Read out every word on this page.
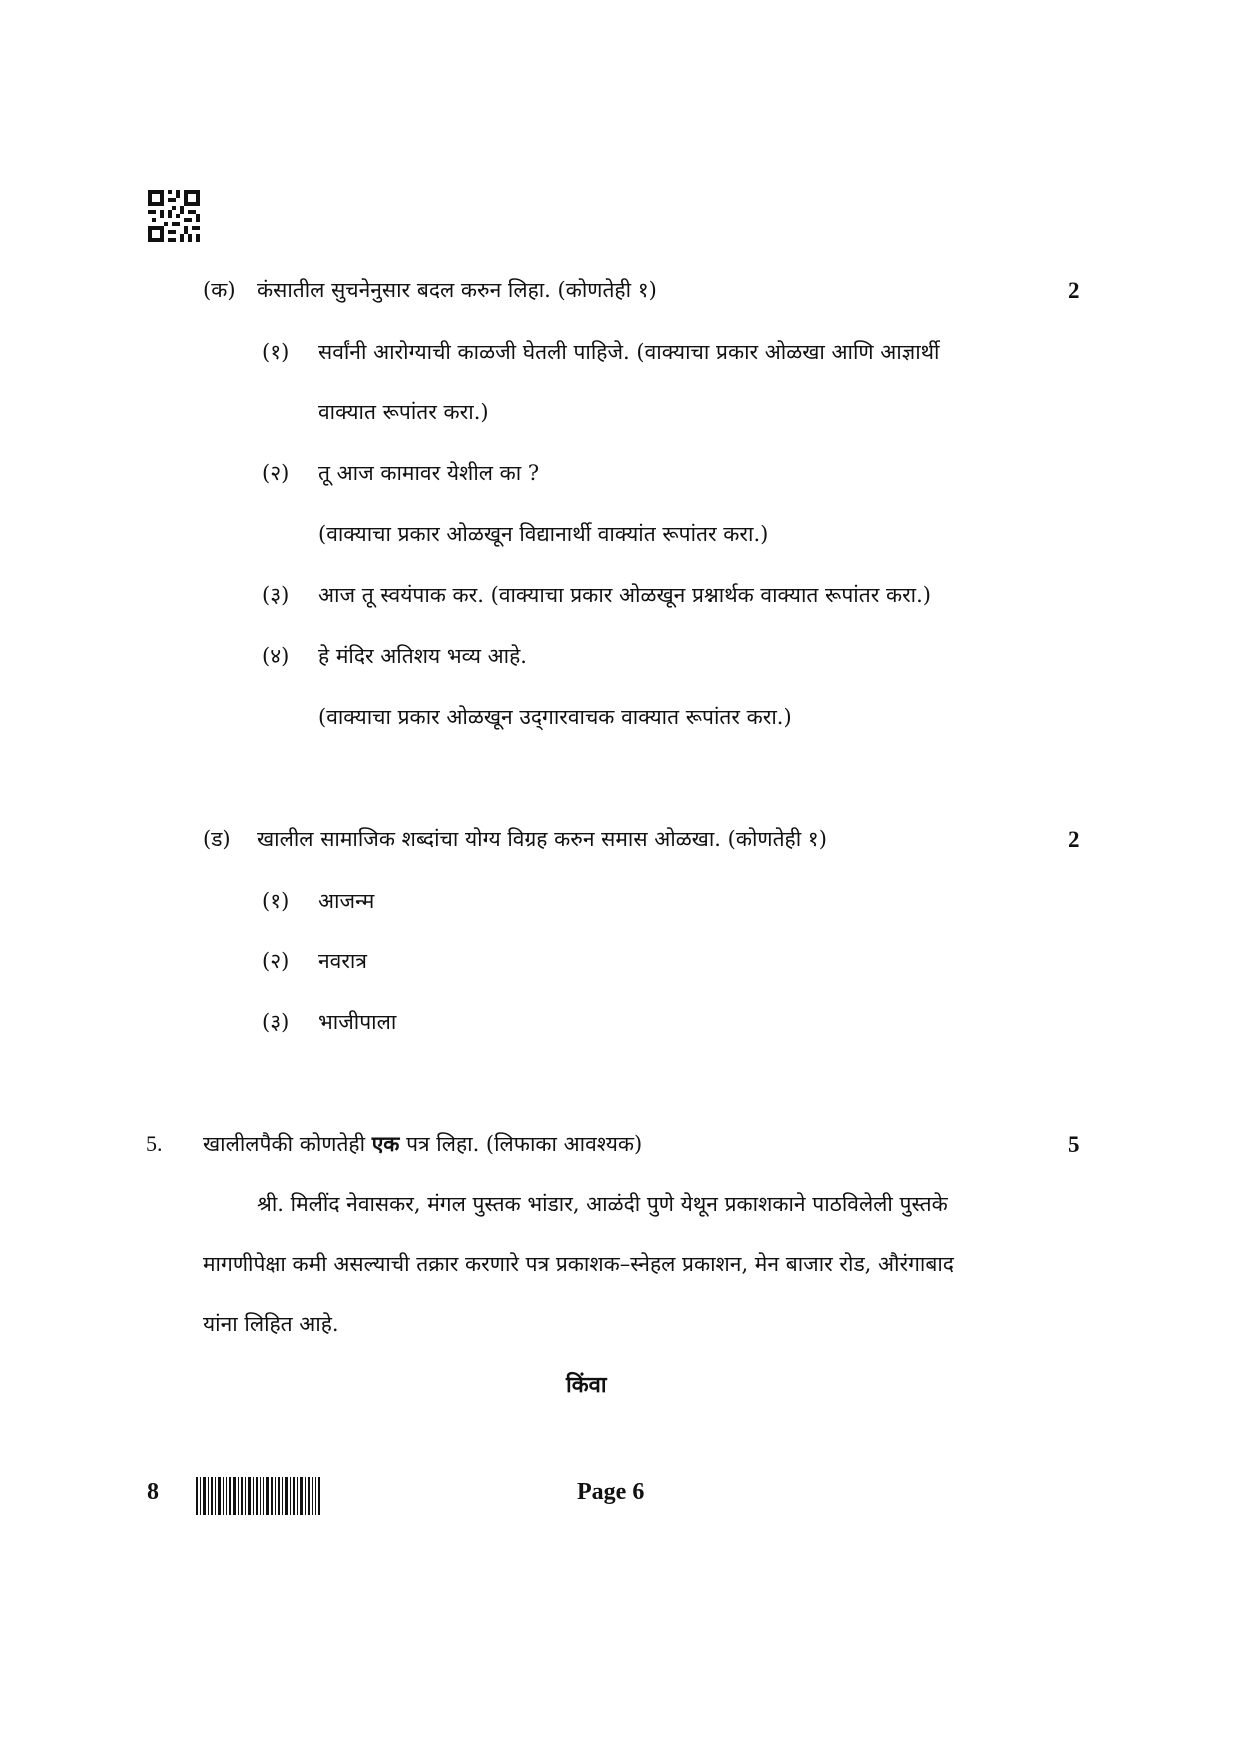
(क) कंसातील सुचनेनुसार बदल करुन लिहा. (कोणतेही १)	2
(१) सर्वांनी आरोग्याची काळजी घेतली पाहिजे. (वाक्याचा प्रकार ओळखा आणि आज्ञार्थी
वाक्यात रूपांतर करा.)
(२) तू आज कामावर येशील का ?
(वाक्याचा प्रकार ओळखून विद्यानार्थी वाक्यांत रूपांतर करा.)
(३) आज तू स्वयंपाक कर. (वाक्याचा प्रकार ओळखून प्रश्नार्थक वाक्यात रूपांतर करा.)
(४) हे मंदिर अतिशय भव्य आहे.
(वाक्याचा प्रकार ओळखून उद्‌गारवाचक वाक्यात रूपांतर करा.)
(ड) खालील सामाजिक शब्दांचा योग्य विग्रह करुन समास ओळखा. (कोणतेही १)	2
(१) आजन्म
(२) नवरात्र
(३) भाजीपाला
5. खालीलपैकी कोणतेही एक पत्र लिहा. (लिफाका आवश्यक)	5
श्री. मिलींद नेवासकर, मंगल पुस्तक भांडार, आळंदी पुणे येथून प्रकाशकाने पाठविलेली पुस्तके
मागणीपेक्षा कमी असल्याची तक्रार करणारे पत्र प्रकाशक–स्नेहल प्रकाशन, मेन बाजार रोड, औरंगाबाद
यांना लिहित आहे.
किंवा
8	Page 6
